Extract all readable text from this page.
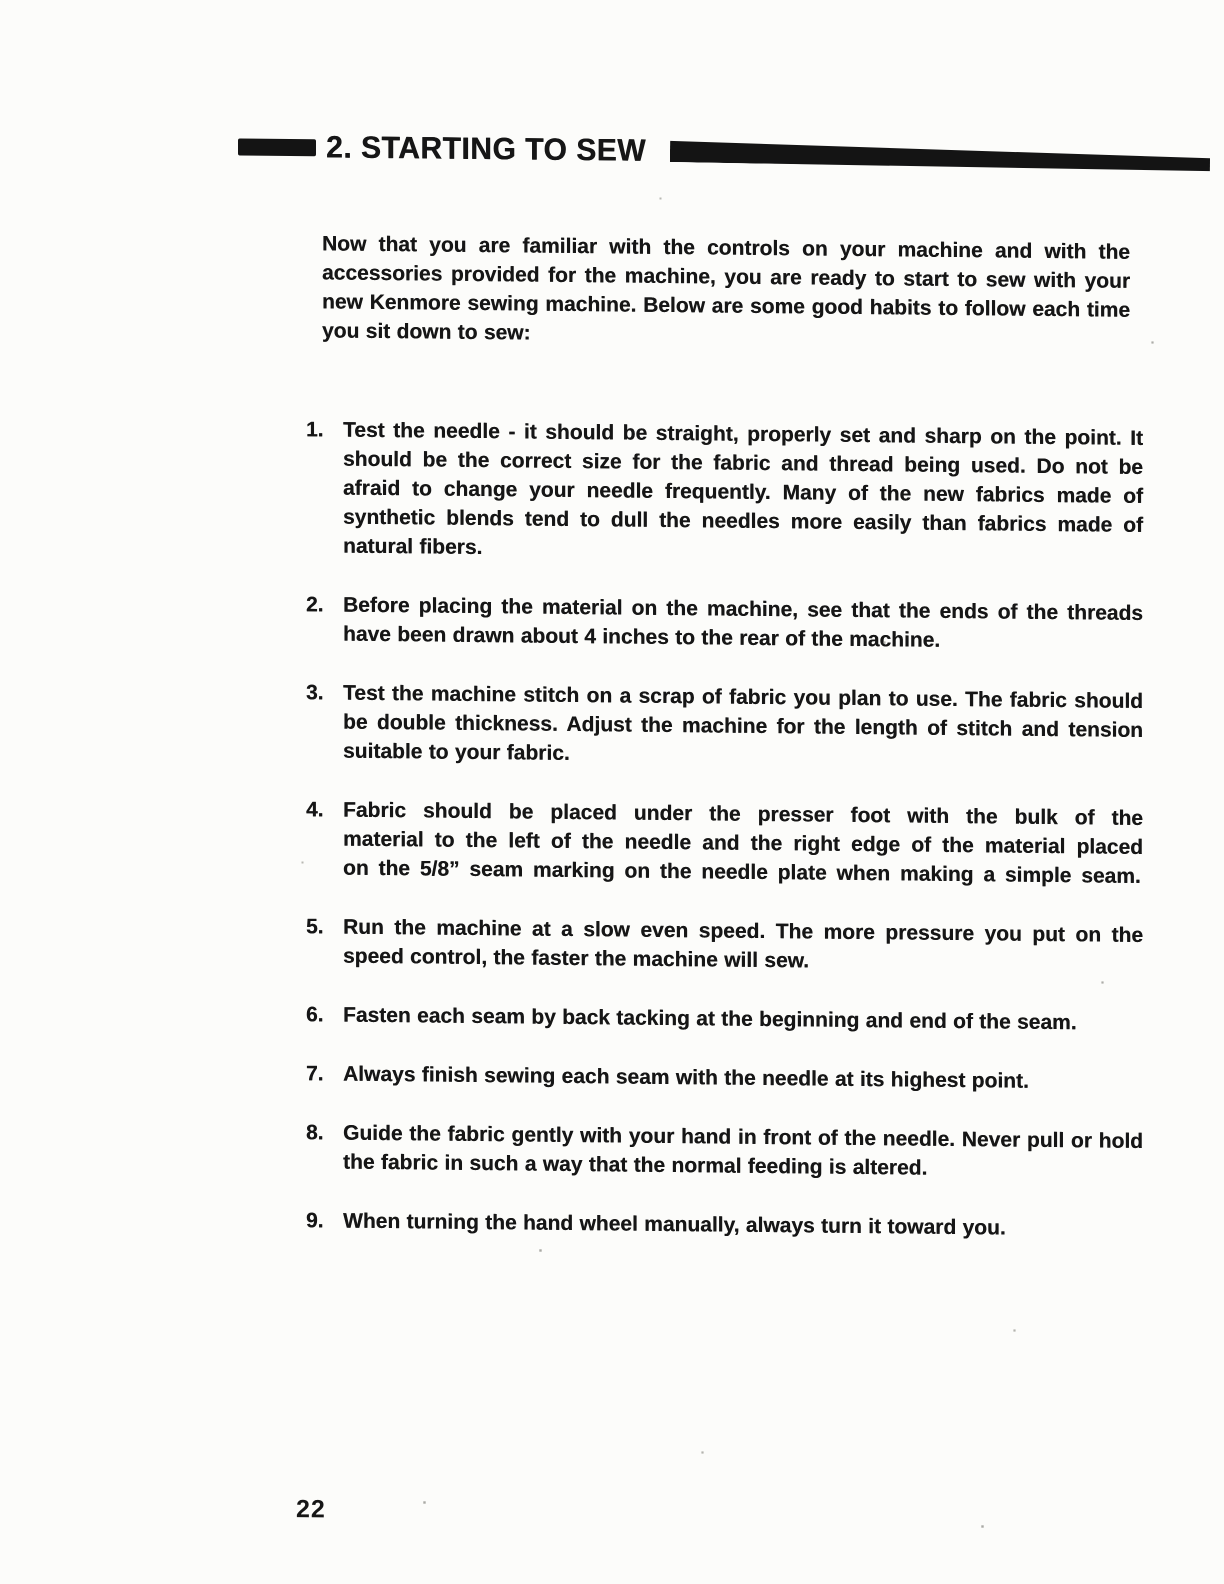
2. STARTING TO SEW
Now that you are familiar with the controls on your machine and with the accessories provided for the machine, you are ready to start to sew with your new Kenmore sewing machine. Below are some good habits to follow each time you sit down to sew:
1. Test the needle - it should be straight, properly set and sharp on the point. It should be the correct size for the fabric and thread being used. Do not be afraid to change your needle frequently. Many of the new fabrics made of synthetic blends tend to dull the needles more easily than fabrics made of natural fibers.
2. Before placing the material on the machine, see that the ends of the threads have been drawn about 4 inches to the rear of the machine.
3. Test the machine stitch on a scrap of fabric you plan to use. The fabric should be double thickness. Adjust the machine for the length of stitch and tension suitable to your fabric.
4. Fabric should be placed under the presser foot with the bulk of the material to the left of the needle and the right edge of the material placed on the 5/8” seam marking on the needle plate when making a simple seam.
5. Run the machine at a slow even speed. The more pressure you put on the speed control, the faster the machine will sew.
6. Fasten each seam by back tacking at the beginning and end of the seam.
7. Always finish sewing each seam with the needle at its highest point.
8. Guide the fabric gently with your hand in front of the needle. Never pull or hold the fabric in such a way that the normal feeding is altered.
9. When turning the hand wheel manually, always turn it toward you.
22
